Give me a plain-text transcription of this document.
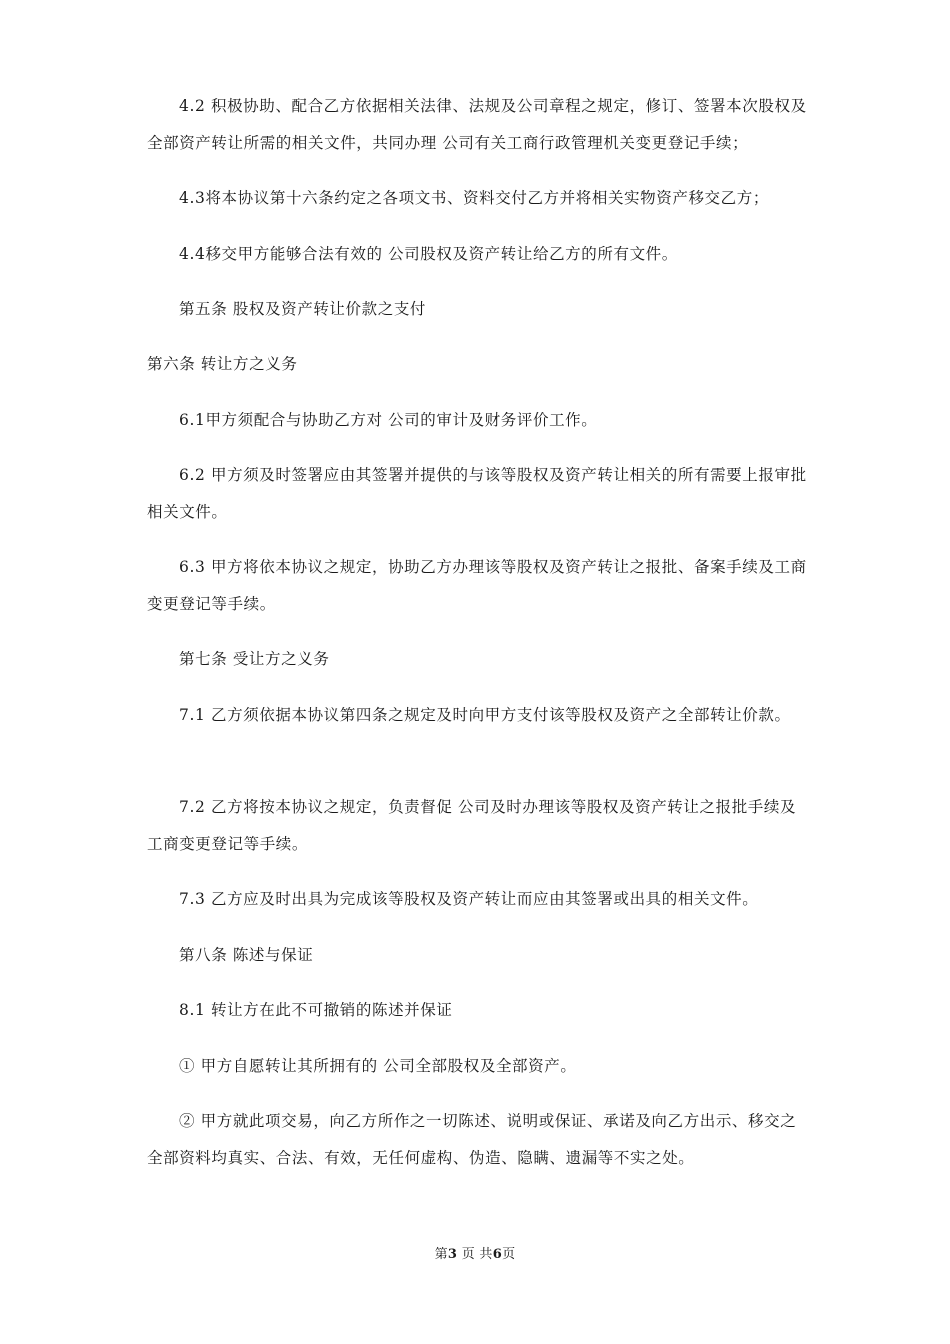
4.2 积极协助、配合乙方依据相关法律、法规及公司章程之规定，修订、签署本次股权及全部资产转让所需的相关文件，共同办理 公司有关工商行政管理机关变更登记手续；

4.3将本协议第十六条约定之各项文书、资料交付乙方并将相关实物资产移交乙方；

4.4移交甲方能够合法有效的 公司股权及资产转让给乙方的所有文件。

第五条 股权及资产转让价款之支付

第六条 转让方之义务

6.1甲方须配合与协助乙方对 公司的审计及财务评价工作。

6.2 甲方须及时签署应由其签署并提供的与该等股权及资产转让相关的所有需要上报审批相关文件。

6.3 甲方将依本协议之规定，协助乙方办理该等股权及资产转让之报批、备案手续及工商变更登记等手续。

第七条 受让方之义务

7.1 乙方须依据本协议第四条之规定及时向甲方支付该等股权及资产之全部转让价款。

7.2 乙方将按本协议之规定，负责督促 公司及时办理该等股权及资产转让之报批手续及工商变更登记等手续。

7.3 乙方应及时出具为完成该等股权及资产转让而应由其签署或出具的相关文件。

第八条 陈述与保证

8.1 转让方在此不可撤销的陈述并保证

① 甲方自愿转让其所拥有的 公司全部股权及全部资产。

② 甲方就此项交易，向乙方所作之一切陈述、说明或保证、承诺及向乙方出示、移交之全部资料均真实、合法、有效，无任何虚构、伪造、隐瞒、遗漏等不实之处。

第3 页 共6页
